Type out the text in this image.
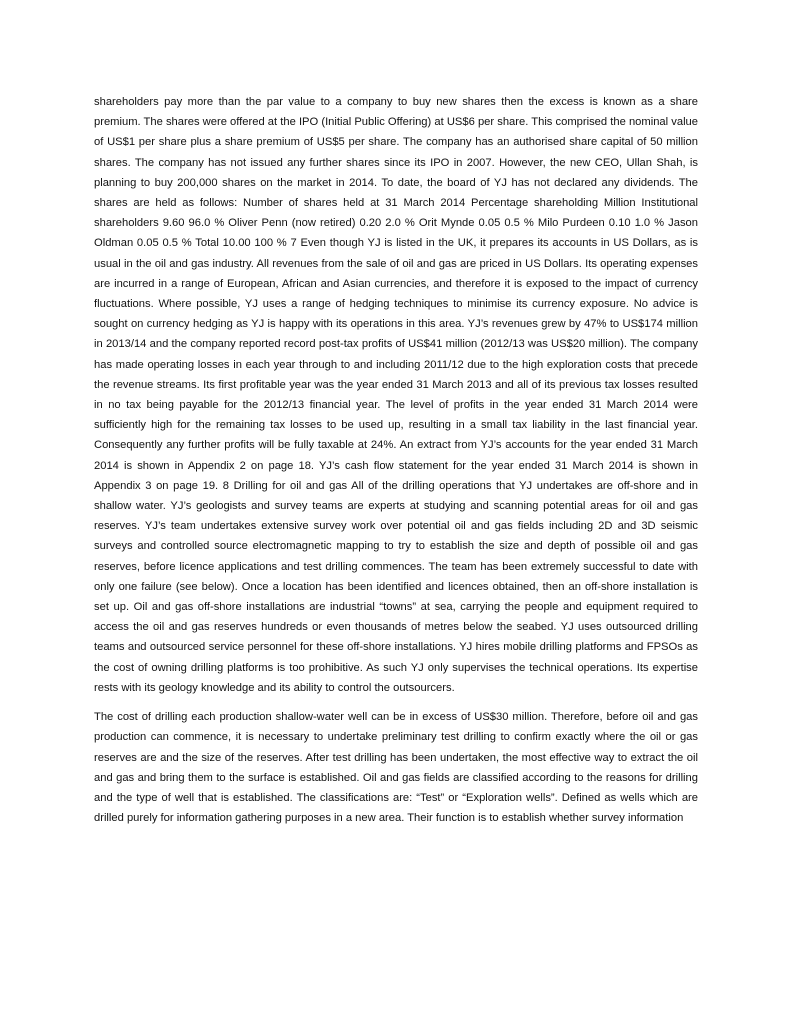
shareholders pay more than the par value to a company to buy new shares then the excess is known as a share premium. The shares were offered at the IPO (Initial Public Offering) at US$6 per share. This comprised the nominal value of US$1 per share plus a share premium of US$5 per share. The company has an authorised share capital of 50 million shares. The company has not issued any further shares since its IPO in 2007. However, the new CEO, Ullan Shah, is planning to buy 200,000 shares on the market in 2014. To date, the board of YJ has not declared any dividends. The shares are held as follows: Number of shares held at 31 March 2014 Percentage shareholding Million Institutional shareholders 9.60 96.0 % Oliver Penn (now retired) 0.20 2.0 % Orit Mynde 0.05 0.5 % Milo Purdeen 0.10 1.0 % Jason Oldman 0.05 0.5 % Total 10.00 100 % 7 Even though YJ is listed in the UK, it prepares its accounts in US Dollars, as is usual in the oil and gas industry. All revenues from the sale of oil and gas are priced in US Dollars. Its operating expenses are incurred in a range of European, African and Asian currencies, and therefore it is exposed to the impact of currency fluctuations. Where possible, YJ uses a range of hedging techniques to minimise its currency exposure. No advice is sought on currency hedging as YJ is happy with its operations in this area. YJ’s revenues grew by 47% to US$174 million in 2013/14 and the company reported record post-tax profits of US$41 million (2012/13 was US$20 million). The company has made operating losses in each year through to and including 2011/12 due to the high exploration costs that precede the revenue streams. Its first profitable year was the year ended 31 March 2013 and all of its previous tax losses resulted in no tax being payable for the 2012/13 financial year. The level of profits in the year ended 31 March 2014 were sufficiently high for the remaining tax losses to be used up, resulting in a small tax liability in the last financial year. Consequently any further profits will be fully taxable at 24%. An extract from YJ’s accounts for the year ended 31 March 2014 is shown in Appendix 2 on page 18. YJ’s cash flow statement for the year ended 31 March 2014 is shown in Appendix 3 on page 19. 8 Drilling for oil and gas All of the drilling operations that YJ undertakes are off-shore and in shallow water. YJ’s geologists and survey teams are experts at studying and scanning potential areas for oil and gas reserves. YJ’s team undertakes extensive survey work over potential oil and gas fields including 2D and 3D seismic surveys and controlled source electromagnetic mapping to try to establish the size and depth of possible oil and gas reserves, before licence applications and test drilling commences. The team has been extremely successful to date with only one failure (see below). Once a location has been identified and licences obtained, then an off-shore installation is set up. Oil and gas off-shore installations are industrial “towns” at sea, carrying the people and equipment required to access the oil and gas reserves hundreds or even thousands of metres below the seabed. YJ uses outsourced drilling teams and outsourced service personnel for these off-shore installations. YJ hires mobile drilling platforms and FPSOs as the cost of owning drilling platforms is too prohibitive. As such YJ only supervises the technical operations. Its expertise rests with its geology knowledge and its ability to control the outsourcers.

The cost of drilling each production shallow-water well can be in excess of US$30 million. Therefore, before oil and gas production can commence, it is necessary to undertake preliminary test drilling to confirm exactly where the oil or gas reserves are and the size of the reserves. After test drilling has been undertaken, the most effective way to extract the oil and gas and bring them to the surface is established. Oil and gas fields are classified according to the reasons for drilling and the type of well that is established. The classifications are: “Test” or “Exploration wells”. Defined as wells which are drilled purely for information gathering purposes in a new area. Their function is to establish whether survey information
